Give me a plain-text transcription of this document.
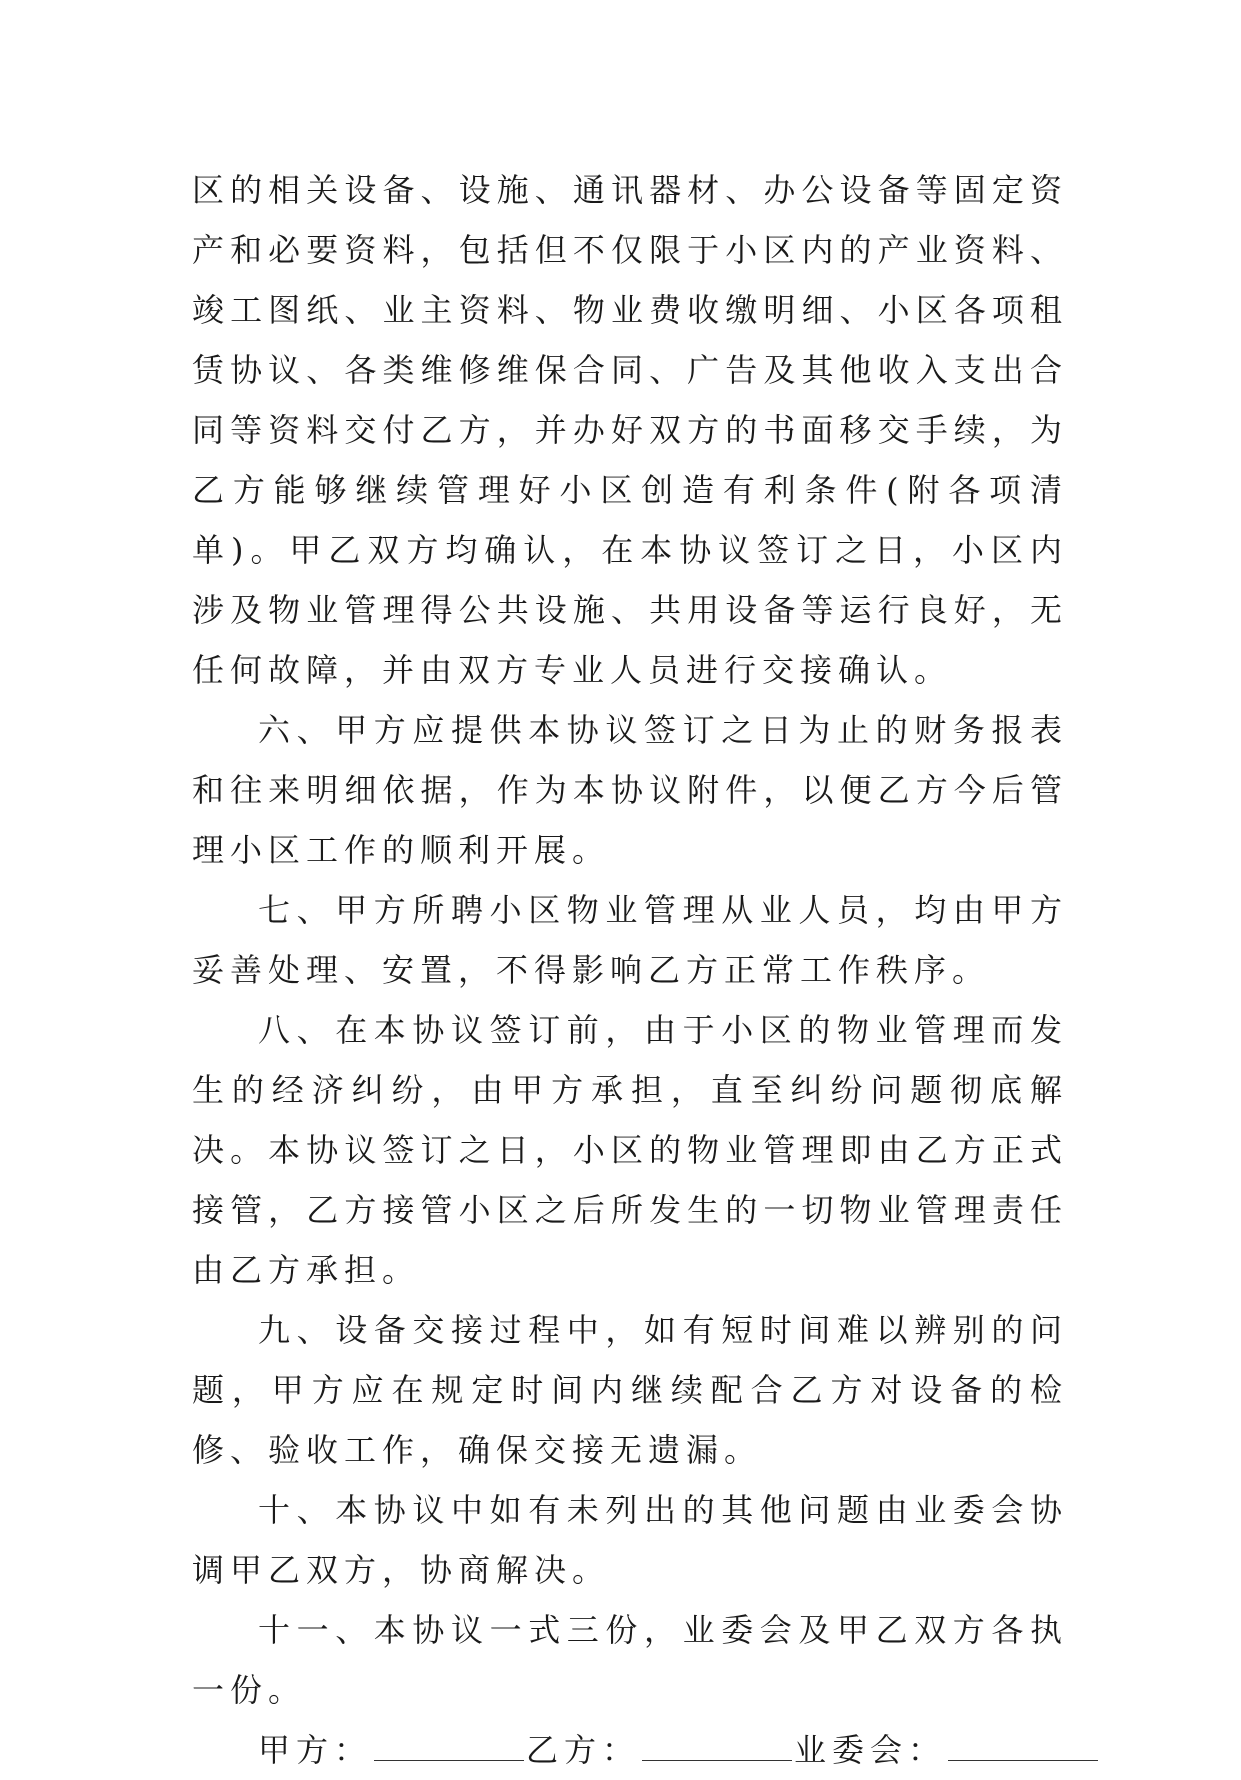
区的相关设备、设施、通讯器材、办公设备等固定资产和必要资料，包括但不仅限于小区内的产业资料、竣工图纸、业主资料、物业费收缴明细、小区各项租赁协议、各类维修维保合同、广告及其他收入支出合同等资料交付乙方，并办好双方的书面移交手续，为乙方能够继续管理好小区创造有利条件(附各项清单)。甲乙双方均确认，在本协议签订之日，小区内涉及物业管理得公共设施、共用设备等运行良好，无任何故障，并由双方专业人员进行交接确认。

六、甲方应提供本协议签订之日为止的财务报表和往来明细依据，作为本协议附件，以便乙方今后管理小区工作的顺利开展。

七、甲方所聘小区物业管理从业人员，均由甲方妥善处理、安置，不得影响乙方正常工作秩序。

八、在本协议签订前，由于小区的物业管理而发生的经济纠纷，由甲方承担，直至纠纷问题彻底解决。本协议签订之日，小区的物业管理即由乙方正式接管，乙方接管小区之后所发生的一切物业管理责任由乙方承担。

九、设备交接过程中，如有短时间难以辨别的问题，甲方应在规定时间内继续配合乙方对设备的检修、验收工作，确保交接无遗漏。

十、本协议中如有未列出的其他问题由业委会协调甲乙双方，协商解决。

十一、本协议一式三份，业委会及甲乙双方各执一份。

甲方：	乙方：	业委会：
